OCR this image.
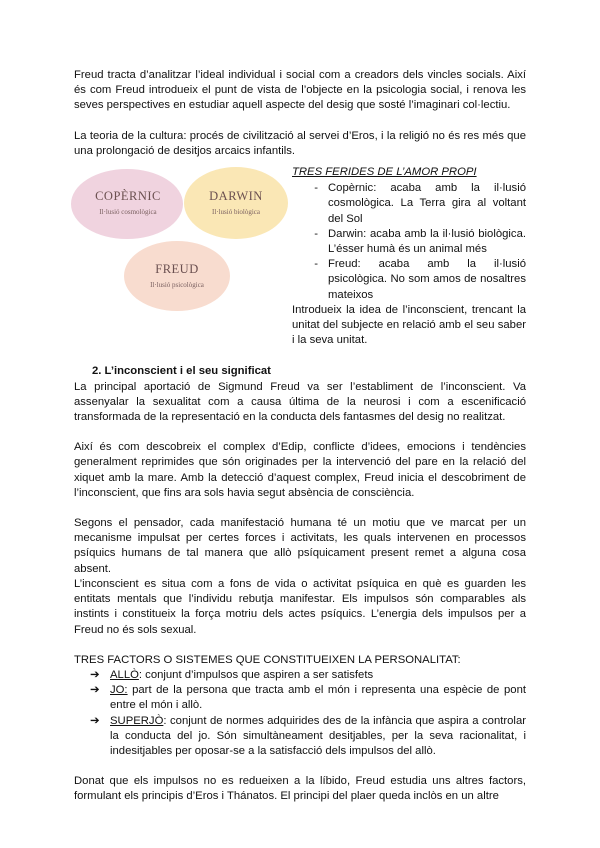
Freud tracta d’analitzar l’ideal individual i social com a creadors dels vincles socials. Així és com Freud introdueix el punt de vista de l’objecte en la psicologia social, i renova les seves perspectives en estudiar aquell aspecte del desig que sosté l’imaginari col·lectiu.

La teoria de la cultura: procés de civilització al servei d’Eros, i la religió no és res més que una prolongació de desitjos arcaics infantils.

COPÈRNIC
Il·lusió cosmològica
DARWIN
Il·lusió biològica
FREUD
Il·lusió psicològica
TRES FERIDES DE L’AMOR PROPI
- Copèrnic: acaba amb la il·lusió cosmològica. La Terra gira al voltant del Sol

- Darwin: acaba amb la il·lusió biològica. L’ésser humà és un animal més

- Freud: acaba amb la il·lusió psicològica. No som amos de nosaltres mateixos

Introdueix la idea de l’inconscient, trencant la unitat del subjecte en relació amb el seu saber i la seva unitat.

2. L’inconscient i el seu significat

La principal aportació de Sigmund Freud va ser l’establiment de l’inconscient. Va assenyalar la sexualitat com a causa última de la neurosi i com a escenificació transformada de la representació en la conducta dels fantasmes del desig no realitzat.

Així és com descobreix el complex d’Edip, conflicte d’idees, emocions i tendències generalment reprimides que són originades per la intervenció del pare en la relació del xiquet amb la mare. Amb la detecció d’aquest complex, Freud inicia el descobriment de l’inconscient, que fins ara sols havia segut absència de consciència.

Segons el pensador, cada manifestació humana té un motiu que ve marcat per un mecanisme impulsat per certes forces i activitats, les quals intervenen en processos psíquics humans de tal manera que allò psíquicament present remet a alguna cosa absent.

L’inconscient es situa com a fons de vida o activitat psíquica en què es guarden les entitats mentals que l’individu rebutja manifestar. Els impulsos són comparables als instints i constitueix la força motriu dels actes psíquics. L’energia dels impulsos per a Freud no és sols sexual.

TRES FACTORS O SISTEMES QUE CONSTITUEIXEN LA PERSONALITAT:
➔ ALLÒ: conjunt d’impulsos que aspiren a ser satisfets
➔ JO: part de la persona que tracta amb el món i representa una espècie de pont entre el món i allò.
➔ SUPERJÒ: conjunt de normes adquirides des de la infància que aspira a controlar la conducta del jo. Són simultàneament desitjables, per la seva racionalitat, i indesitjables per oposar-se a la satisfacció dels impulsos del allò.

Donat que els impulsos no es redueixen a la líbido, Freud estudia uns altres factors, formulant els principis d’Eros i Thánatos. El principi del plaer queda inclòs en un altre
